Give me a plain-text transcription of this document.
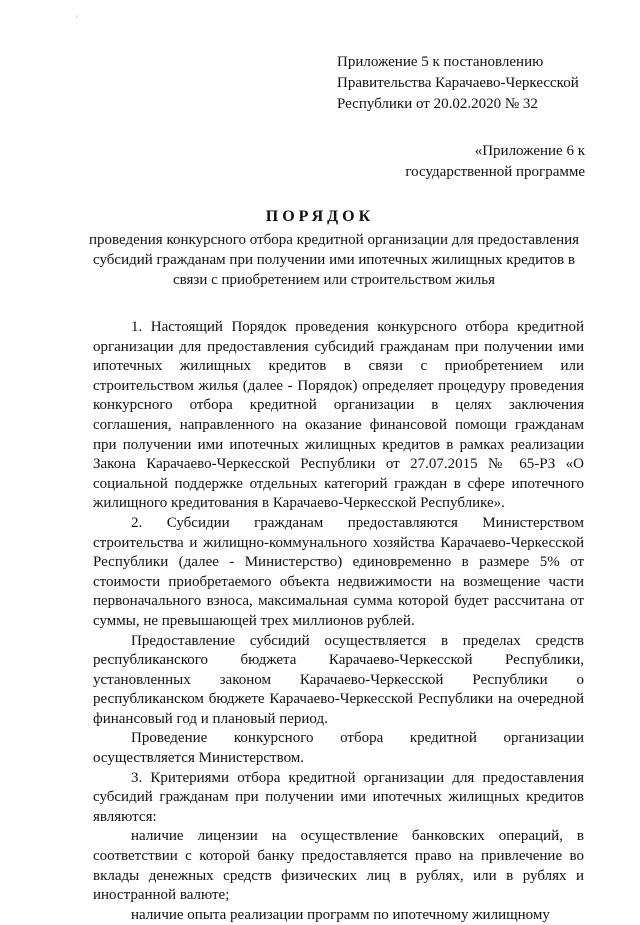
'
Приложение 5 к постановлению
Правительства Карачаево-Черкесской
Республики от 20.02.2020 № 32
«Приложение 6 к
государственной программе
ПОРЯДОК
проведения конкурсного отбора кредитной организации для предоставления субсидий гражданам при получении ими ипотечных жилищных кредитов в связи с приобретением или строительством жилья

1. Настоящий Порядок проведения конкурсного отбора кредитной организации для предоставления субсидий гражданам при получении ими ипотечных жилищных кредитов в связи с приобретением или строительством жилья (далее - Порядок) определяет процедуру проведения конкурсного отбора кредитной организации в целях заключения соглашения, направленного на оказание финансовой помощи гражданам при получении ими ипотечных жилищных кредитов в рамках реализации Закона Карачаево-Черкесской Республики от 27.07.2015 № 65-РЗ «О социальной поддержке отдельных категорий граждан в сфере ипотечного жилищного кредитования в Карачаево-Черкесской Республике».

2. Субсидии гражданам предоставляются Министерством строительства и жилищно-коммунального хозяйства Карачаево-Черкесской Республики (далее - Министерство) единовременно в размере 5% от стоимости приобретаемого объекта недвижимости на возмещение части первоначального взноса, максимальная сумма которой будет рассчитана от суммы, не превышающей трех миллионов рублей.

Предоставление субсидий осуществляется в пределах средств республиканского бюджета Карачаево-Черкесской Республики, установленных законом Карачаево-Черкесской Республики о республиканском бюджете Карачаево-Черкесской Республики на очередной финансовый год и плановый период.

Проведение конкурсного отбора кредитной организации осуществляется Министерством.

3. Критериями отбора кредитной организации для предоставления субсидий гражданам при получении ими ипотечных жилищных кредитов являются:

наличие лицензии на осуществление банковских операций, в соответствии с которой банку предоставляется право на привлечение во вклады денежных средств физических лиц в рублях, или в рублях и иностранной валюте;

наличие опыта реализации программ по ипотечному жилищному
